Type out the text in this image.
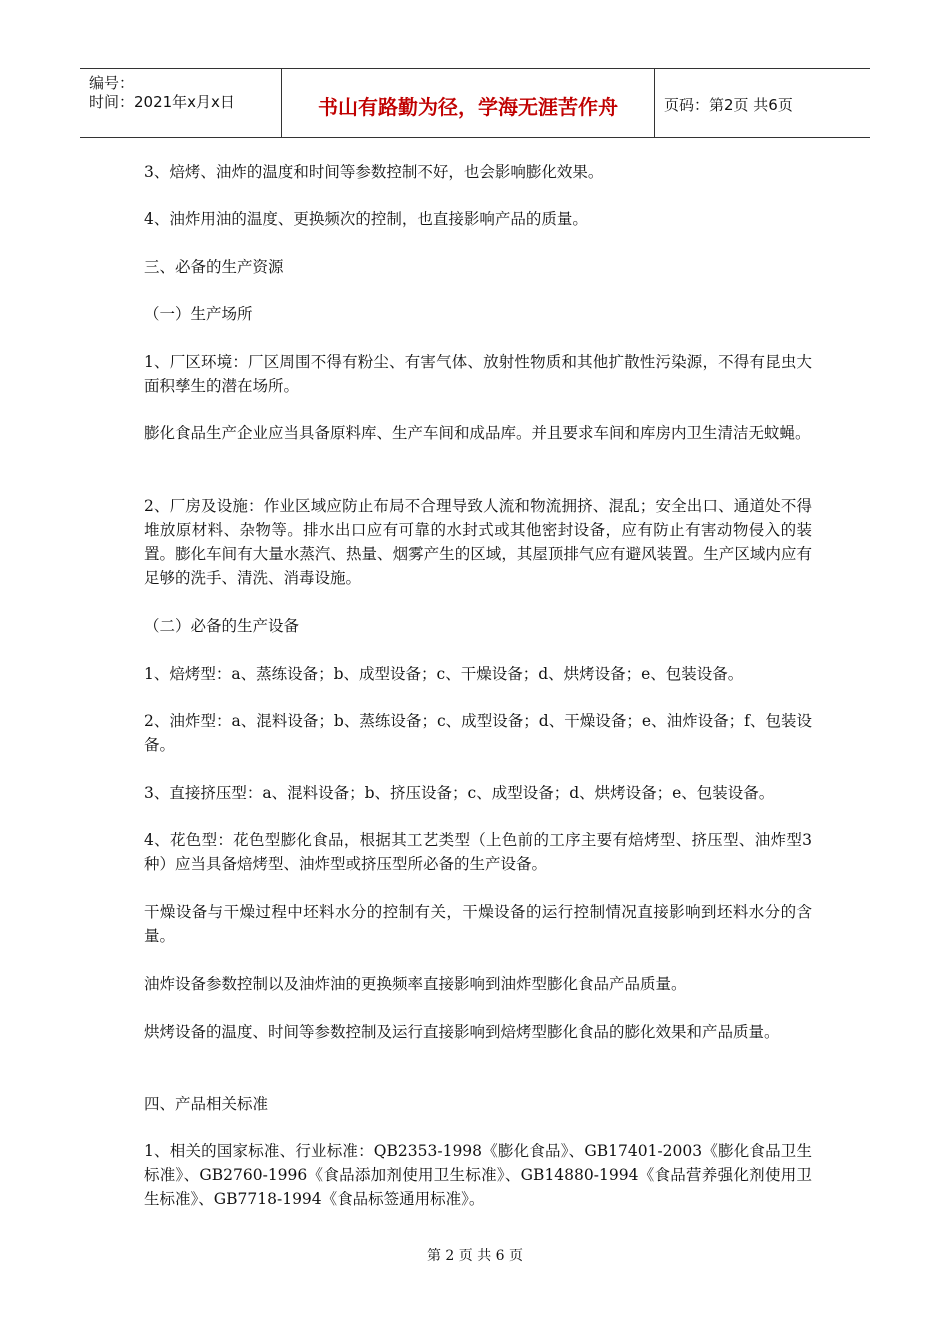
编号：
时间：2021年x月x日	书山有路勤为径，学海无涯苦作舟	页码：第2页 共6页
3、焙烤、油炸的温度和时间等参数控制不好，也会影响膨化效果。
4、油炸用油的温度、更换频次的控制，也直接影响产品的质量。
三、必备的生产资源
（一）生产场所
1、厂区环境：厂区周围不得有粉尘、有害气体、放射性物质和其他扩散性污染源，不得有昆虫大面积孳生的潜在场所。
膨化食品生产企业应当具备原料库、生产车间和成品库。并且要求车间和库房内卫生清洁无蚊蝇。
2、厂房及设施：作业区域应防止布局不合理导致人流和物流拥挤、混乱；安全出口、通道处不得堆放原材料、杂物等。排水出口应有可靠的水封式或其他密封设备，应有防止有害动物侵入的装置。膨化车间有大量水蒸汽、热量、烟雾产生的区域，其屋顶排气应有避风装置。生产区域内应有足够的洗手、清洗、消毒设施。
（二）必备的生产设备
1、焙烤型：a、蒸练设备；b、成型设备；c、干燥设备；d、烘烤设备；e、包装设备。
2、油炸型：a、混料设备；b、蒸练设备；c、成型设备；d、干燥设备；e、油炸设备；f、包装设备。
3、直接挤压型：a、混料设备；b、挤压设备；c、成型设备；d、烘烤设备；e、包装设备。
4、花色型：花色型膨化食品，根据其工艺类型（上色前的工序主要有焙烤型、挤压型、油炸型3种）应当具备焙烤型、油炸型或挤压型所必备的生产设备。
干燥设备与干燥过程中坯料水分的控制有关，干燥设备的运行控制情况直接影响到坯料水分的含量。
油炸设备参数控制以及油炸油的更换频率直接影响到油炸型膨化食品产品质量。
烘烤设备的温度、时间等参数控制及运行直接影响到焙烤型膨化食品的膨化效果和产品质量。
四、产品相关标准
1、相关的国家标准、行业标准：QB2353-1998《膨化食品》、GB17401-2003《膨化食品卫生标准》、GB2760-1996《食品添加剂使用卫生标准》、GB14880-1994《食品营养强化剂使用卫生标准》、GB7718-1994《食品标签通用标准》。
第 2 页 共 6 页
